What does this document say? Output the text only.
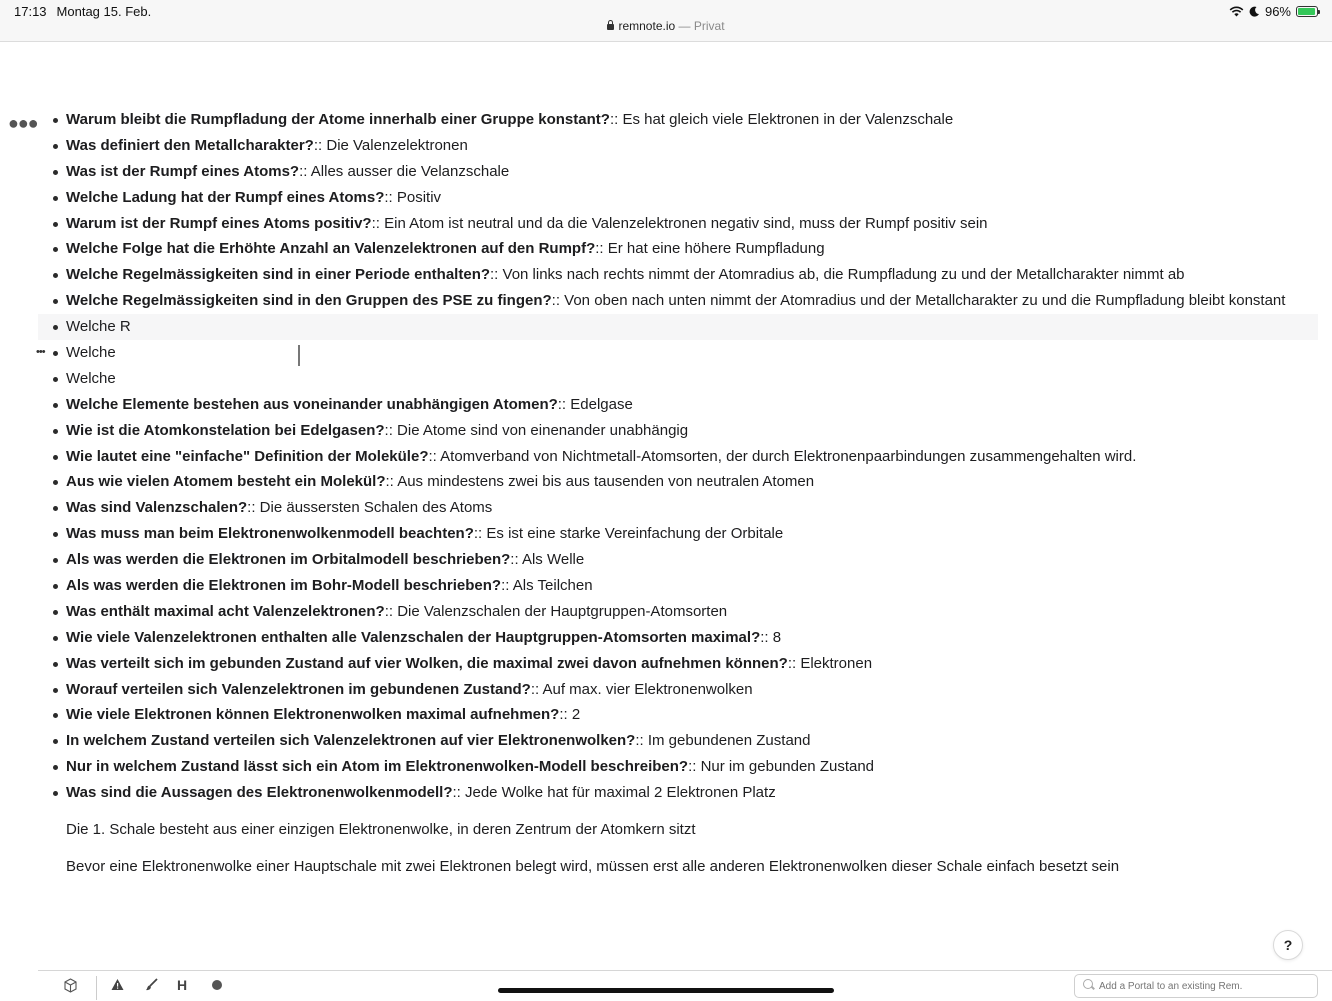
17:13 Montag 15. Feb.
remnote.io — Privat
96%
●●●	Warum bleibt die Rumpfladung der Atome innerhalb einer Gruppe konstant?:: Es hat gleich viele Elektronen in der Valenzschale
Was definiert den Metallcharakter?:: Die Valenzelektronen
Was ist der Rumpf eines Atoms?:: Alles ausser die Velanzschale
Welche Ladung hat der Rumpf eines Atoms?:: Positiv
Warum ist der Rumpf eines Atoms positiv?:: Ein Atom ist neutral und da die Valenzelektronen negativ sind, muss der Rumpf positiv sein
Welche Folge hat die Erhöhte Anzahl an Valenzelektronen auf den Rumpf?:: Er hat eine höhere Rumpfladung
Welche Regelmässigkeiten sind in einer Periode enthalten?:: Von links nach rechts nimmt der Atomradius ab, die Rumpfladung zu und der Metallcharakter nimmt ab
Welche Regelmässigkeiten sind in den Gruppen des PSE zu fingen?:: Von oben nach unten nimmt der Atomradius und der Metallcharakter zu und die Rumpfladung bleibt konstant
Welche R
••• Welche
Welche
Welche Elemente bestehen aus voneinander unabhängigen Atomen?:: Edelgase
Wie ist die Atomkonstelation bei Edelgasen?:: Die Atome sind von einenander unabhängig
Wie lautet eine "einfache" Definition der Moleküle?:: Atomverband von Nichtmetall-Atomsorten, der durch Elektronenpaarbindungen zusammengehalten wird.
Aus wie vielen Atomem besteht ein Molekül?:: Aus mindestens zwei bis aus tausenden von neutralen Atomen
Was sind Valenzschalen?:: Die äussersten Schalen des Atoms
Was muss man beim Elektronenwolkenmodell beachten?:: Es ist eine starke Vereinfachung der Orbitale
Als was werden die Elektronen im Orbitalmodell beschrieben?:: Als Welle
Als was werden die Elektronen im Bohr-Modell beschrieben?:: Als Teilchen
Was enthält maximal acht Valenzelektronen?:: Die Valenzschalen der Hauptgruppen-Atomsorten
Wie viele Valenzelektronen enthalten alle Valenzschalen der Hauptgruppen-Atomsorten maximal?:: 8
Was verteilt sich im gebunden Zustand auf vier Wolken, die maximal zwei davon aufnehmen können?:: Elektronen
Worauf verteilen sich Valenzelektronen im gebundenen Zustand?:: Auf max. vier Elektronenwolken
Wie viele Elektronen können Elektronenwolken maximal aufnehmen?:: 2
In welchem Zustand verteilen sich Valenzelektronen auf vier Elektronenwolken?:: Im gebundenen Zustand
Nur in welchem Zustand lässt sich ein Atom im Elektronenwolken-Modell beschreiben?:: Nur im gebunden Zustand
Was sind die Aussagen des Elektronenwolkenmodell?:: Jede Wolke hat für maximal 2 Elektronen Platz
Die 1. Schale besteht aus einer einzigen Elektronenwolke, in deren Zentrum der Atomkern sitzt
Bevor eine Elektronenwolke einer Hauptschale mit zwei Elektronen belegt wird, müssen erst alle anderen Elektronenwolken dieser Schale einfach besetzt sein
?
H
Add a Portal to an existing Rem.
